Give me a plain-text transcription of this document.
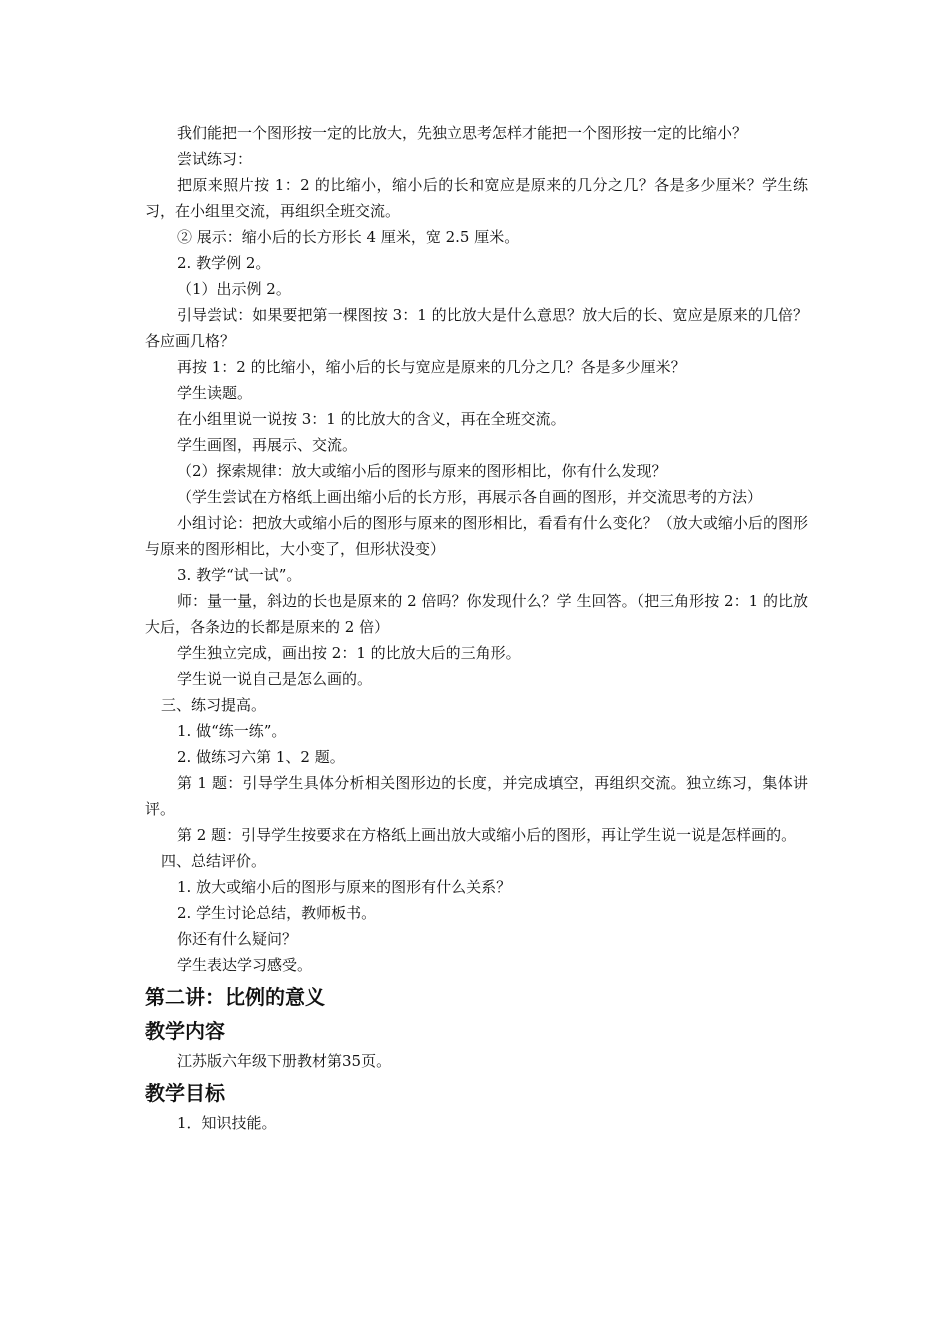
我们能把一个图形按一定的比放大，先独立思考怎样才能把一个图形按一定的比缩小？

尝试练习：

把原来照片按 1：2 的比缩小，缩小后的长和宽应是原来的几分之几？各是多少厘米？学生练习，在小组里交流，再组织全班交流。

② 展示：缩小后的长方形长 4 厘米，宽 2.5 厘米。

2. 教学例 2。

（1）出示例 2。

引导尝试：如果要把第一棵图按 3：1 的比放大是什么意思？放大后的长、宽应是原来的几倍？各应画几格？

再按 1：2 的比缩小，缩小后的长与宽应是原来的几分之几？各是多少厘米？

学生读题。

在小组里说一说按 3：1 的比放大的含义，再在全班交流。

学生画图，再展示、交流。

（2）探索规律：放大或缩小后的图形与原来的图形相比，你有什么发现？

（学生尝试在方格纸上画出缩小后的长方形，再展示各自画的图形，并交流思考的方法）

小组讨论：把放大或缩小后的图形与原来的图形相比，看看有什么变化？（放大或缩小后的图形与原来的图形相比，大小变了，但形状没变）

3. 教学“试一试”。

师：量一量，斜边的长也是原来的 2 倍吗？你发现什么？学 生回答。（把三角形按 2：1 的比放大后，各条边的长都是原来的 2 倍）

学生独立完成，画出按 2：1 的比放大后的三角形。

学生说一说自己是怎么画的。

三、练习提高。

1. 做“练一练”。

2. 做练习六第 1、2 题。

第 1 题：引导学生具体分析相关图形边的长度，并完成填空，再组织交流。独立练习，集体讲评。

第 2 题：引导学生按要求在方格纸上画出放大或缩小后的图形，再让学生说一说是怎样画的。

四、总结评价。

1. 放大或缩小后的图形与原来的图形有什么关系？

2. 学生讨论总结，教师板书。

你还有什么疑问？

学生表达学习感受。

第二讲：比例的意义
教学内容

江苏版六年级下册教材第35页。

教学目标

1．知识技能。
